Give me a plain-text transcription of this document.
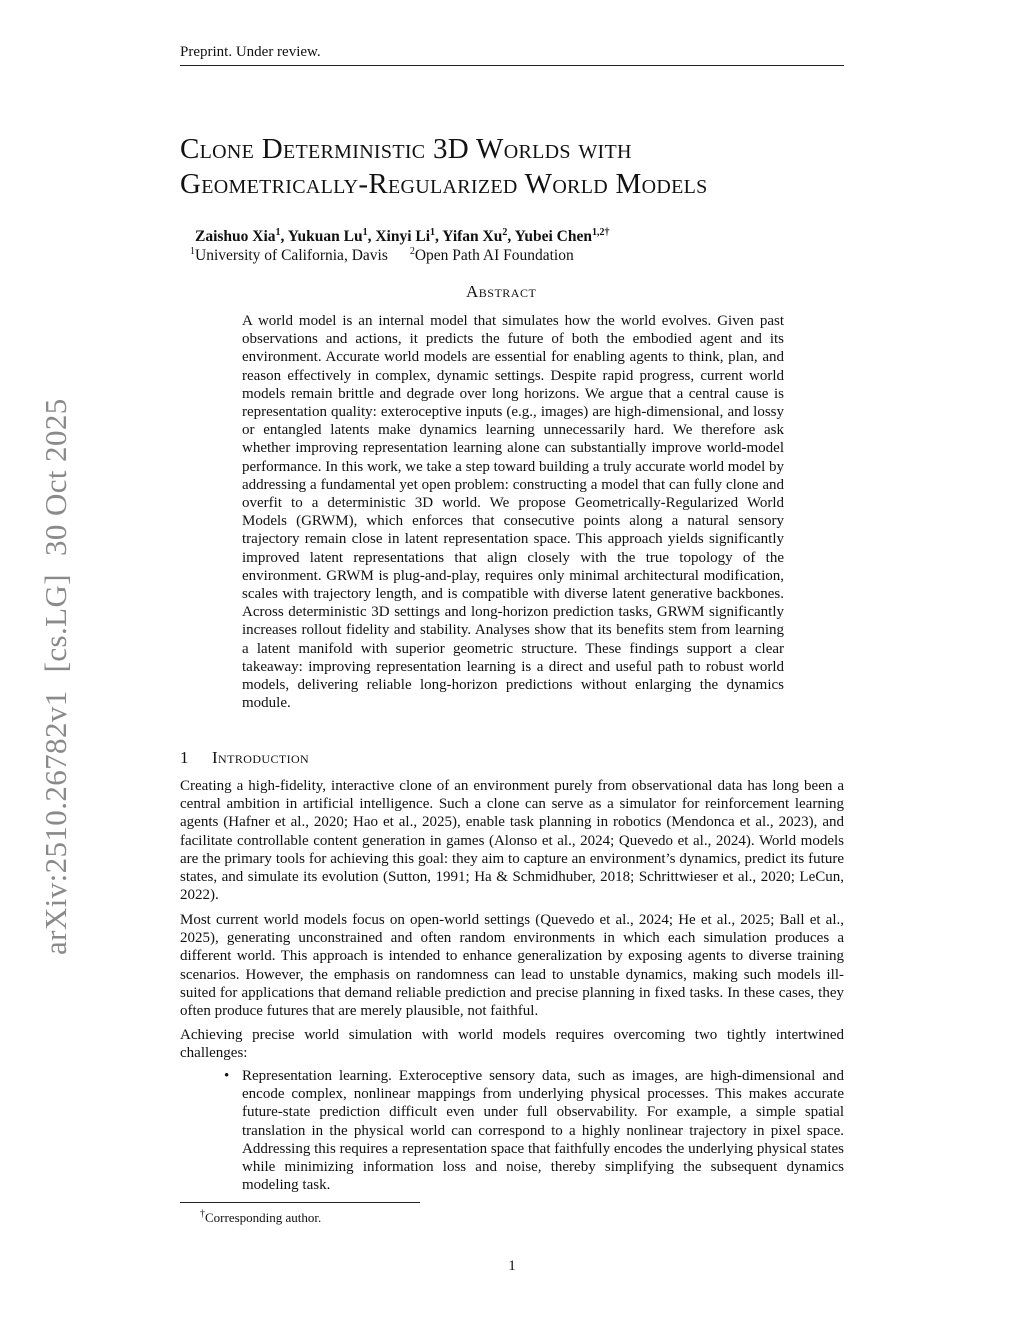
Preprint. Under review.
Clone Deterministic 3D Worlds with
Geometrically-Regularized World Models
Zaishuo Xia$^1$, Yukuan Lu$^1$, Xinyi Li$^1$, Yifan Xu$^2$, Yubei Chen$^{1,2\dagger}$
$^1$University of California, Davis $^2$Open Path AI Foundation
Abstract
A world model is an internal model that simulates how the world evolves. Given past observations and actions, it predicts the future of both the embodied agent and its environment. Accurate world models are essential for enabling agents to think, plan, and reason effectively in complex, dynamic settings. Despite rapid progress, current world models remain brittle and degrade over long horizons. We argue that a central cause is representation quality: exteroceptive inputs (e.g., images) are high-dimensional, and lossy or entangled latents make dynamics learning unnecessarily hard. We therefore ask whether improving representation learning alone can substantially improve world-model performance. In this work, we take a step toward building a truly accurate world model by addressing a fundamental yet open problem: constructing a model that can fully clone and overfit to a deterministic 3D world. We propose Geometrically-Regularized World Models (GRWM), which enforces that consecutive points along a natural sensory trajectory remain close in latent representation space. This approach yields significantly improved latent representations that align closely with the true topology of the environment. GRWM is plug-and-play, requires only minimal architectural modification, scales with trajectory length, and is compatible with diverse latent generative backbones. Across deterministic 3D settings and long-horizon prediction tasks, GRWM significantly increases rollout fidelity and stability. Analyses show that its benefits stem from learning a latent manifold with superior geometric structure. These findings support a clear takeaway: improving representation learning is a direct and useful path to robust world models, delivering reliable long-horizon predictions without enlarging the dynamics module.
1 Introduction

Creating a high-fidelity, interactive clone of an environment purely from observational data has long been a central ambition in artificial intelligence. Such a clone can serve as a simulator for reinforcement learning agents (Hafner et al., 2020; Hao et al., 2025), enable task planning in robotics (Mendonca et al., 2023), and facilitate controllable content generation in games (Alonso et al., 2024; Quevedo et al., 2024). World models are the primary tools for achieving this goal: they aim to capture an environment’s dynamics, predict its future states, and simulate its evolution (Sutton, 1991; Ha & Schmidhuber, 2018; Schrittwieser et al., 2020; LeCun, 2022).

Most current world models focus on open-world settings (Quevedo et al., 2024; He et al., 2025; Ball et al., 2025), generating unconstrained and often random environments in which each simulation produces a different world. This approach is intended to enhance generalization by exposing agents to diverse training scenarios. However, the emphasis on randomness can lead to unstable dynamics, making such models ill-suited for applications that demand reliable prediction and precise planning in fixed tasks. In these cases, they often produce futures that are merely plausible, not faithful.

Achieving precise world simulation with world models requires overcoming two tightly intertwined challenges:

• Representation learning. Exteroceptive sensory data, such as images, are high-dimensional and encode complex, nonlinear mappings from underlying physical processes. This makes accurate future-state prediction difficult even under full observability. For example, a simple spatial translation in the physical world can correspond to a highly nonlinear trajectory in pixel space. Addressing this requires a representation space that faithfully encodes the underlying physical states while minimizing information loss and noise, thereby simplifying the subsequent dynamics modeling task.
†Corresponding author.
1
arXiv:2510.26782v1[cs.LG]30 Oct 2025
